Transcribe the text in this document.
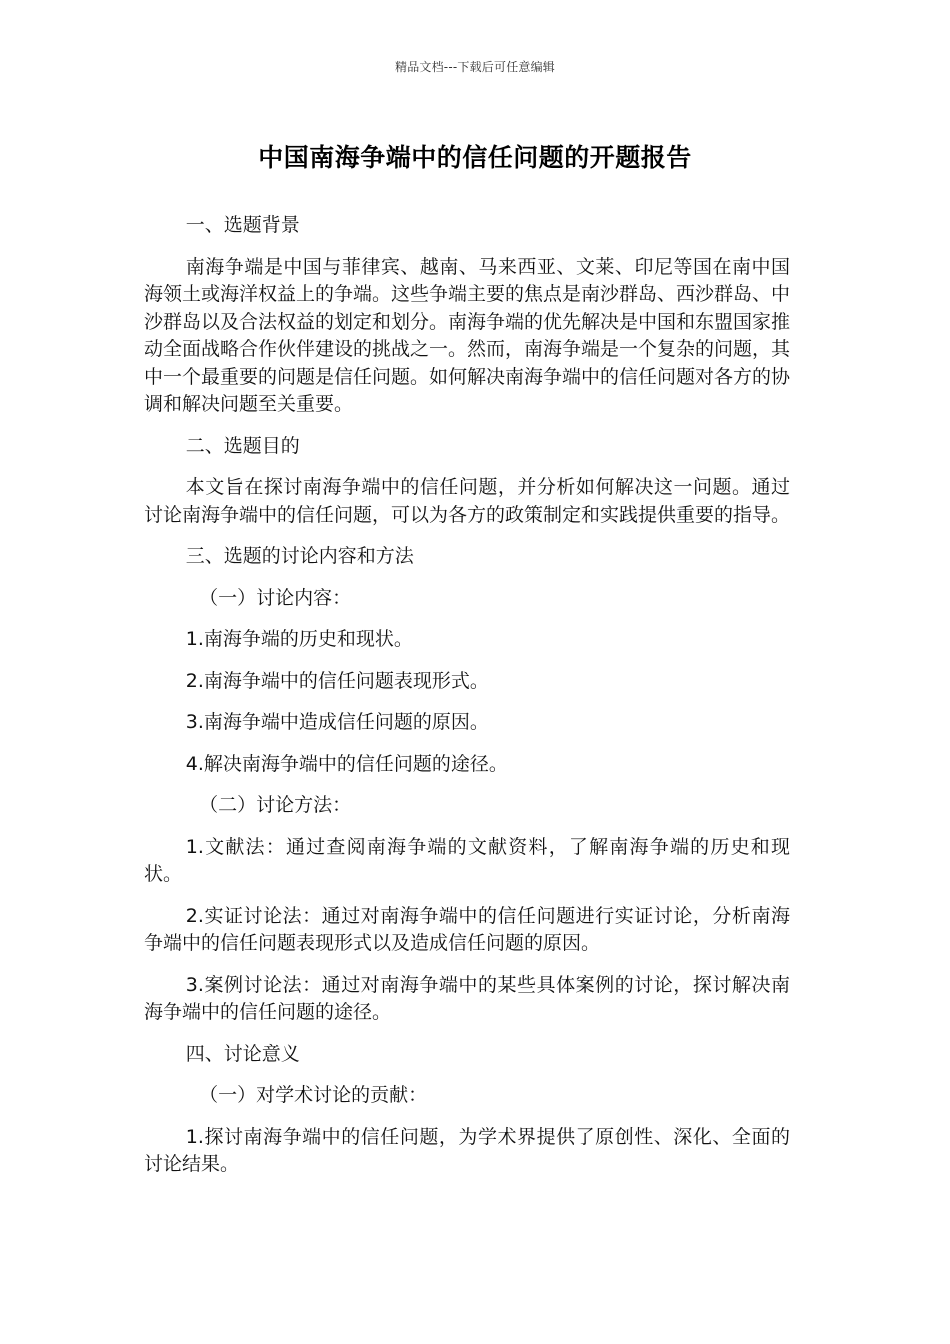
精品文档---下载后可任意编辑
中国南海争端中的信任问题的开题报告

一、选题背景

南海争端是中国与菲律宾、越南、马来西亚、文莱、印尼等国在南中国海领土或海洋权益上的争端。这些争端主要的焦点是南沙群岛、西沙群岛、中沙群岛以及合法权益的划定和划分。南海争端的优先解决是中国和东盟国家推动全面战略合作伙伴建设的挑战之一。然而，南海争端是一个复杂的问题，其中一个最重要的问题是信任问题。如何解决南海争端中的信任问题对各方的协调和解决问题至关重要。

二、选题目的

本文旨在探讨南海争端中的信任问题，并分析如何解决这一问题。通过讨论南海争端中的信任问题，可以为各方的政策制定和实践提供重要的指导。

三、选题的讨论内容和方法

（一）讨论内容：

1.南海争端的历史和现状。

2.南海争端中的信任问题表现形式。

3.南海争端中造成信任问题的原因。

4.解决南海争端中的信任问题的途径。

（二）讨论方法：

1.文献法：通过查阅南海争端的文献资料，了解南海争端的历史和现状。

2.实证讨论法：通过对南海争端中的信任问题进行实证讨论，分析南海争端中的信任问题表现形式以及造成信任问题的原因。

3.案例讨论法：通过对南海争端中的某些具体案例的讨论，探讨解决南海争端中的信任问题的途径。

四、讨论意义

（一）对学术讨论的贡献：

1.探讨南海争端中的信任问题，为学术界提供了原创性、深化、全面的讨论结果。
